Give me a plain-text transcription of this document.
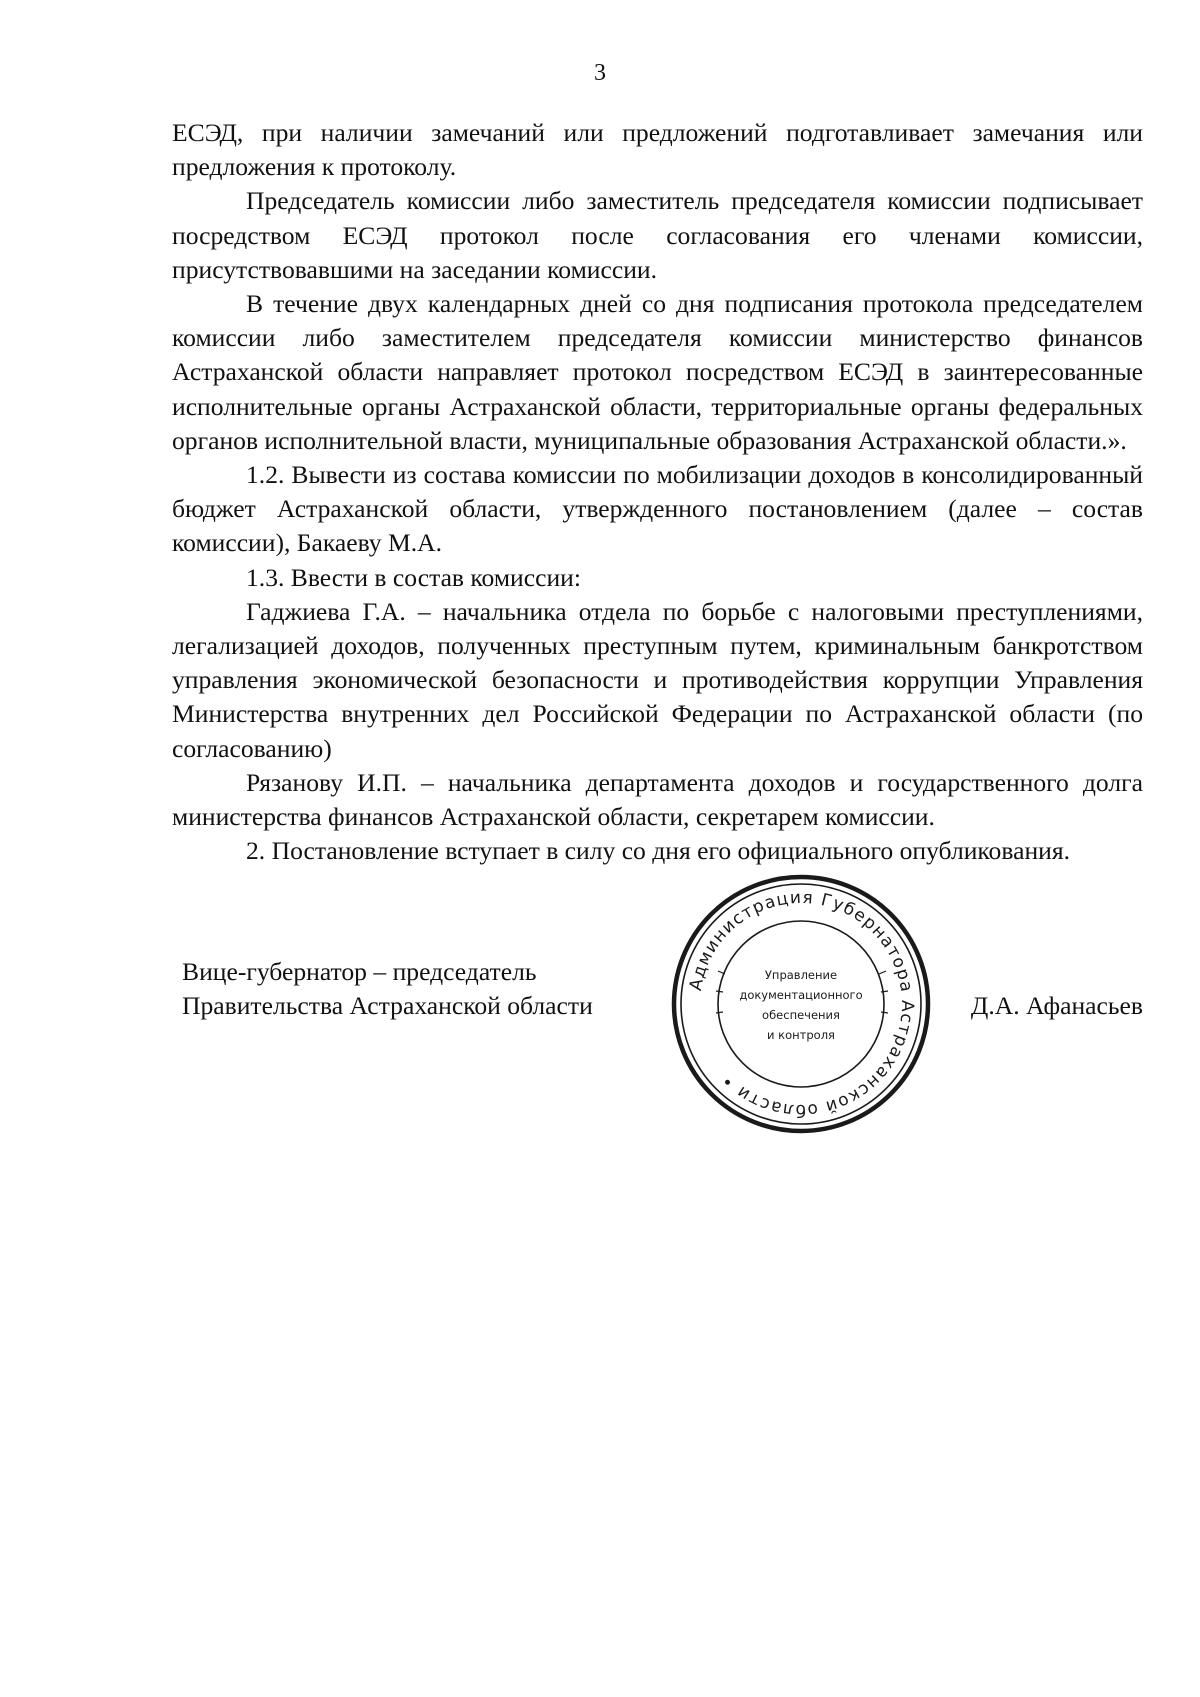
3

ЕСЭД, при наличии замечаний или предложений подготавливает замечания или предложения к протоколу.

Председатель комиссии либо заместитель председателя комиссии подписывает посредством ЕСЭД протокол после согласования его членами комиссии, присутствовавшими на заседании комиссии.

В течение двух календарных дней со дня подписания протокола председателем комиссии либо заместителем председателя комиссии министерство финансов Астраханской области направляет протокол посредством ЕСЭД в заинтересованные исполнительные органы Астраханской области, территориальные органы федеральных органов исполнительной власти, муниципальные образования Астраханской области.».

1.2. Вывести из состава комиссии по мобилизации доходов в консолидированный бюджет Астраханской области, утвержденного постановлением (далее – состав комиссии), Бакаеву М.А.

1.3. Ввести в состав комиссии:

Гаджиева Г.А. – начальника отдела по борьбе с налоговыми преступлениями, легализацией доходов, полученных преступным путем, криминальным банкротством управления экономической безопасности и противодействия коррупции Управления Министерства внутренних дел Российской Федерации по Астраханской области (по согласованию)

Рязанову И.П. – начальника департамента доходов и государственного долга министерства финансов Астраханской области, секретарем комиссии.

2. Постановление вступает в силу со дня его официального опубликования.

Вице-губернатор – председатель
Правительства Астраханской области
Администрация Губернатора Астраханской области •
Управление
документационного
обеспечения
и контроля
Д.А. Афанасьев
